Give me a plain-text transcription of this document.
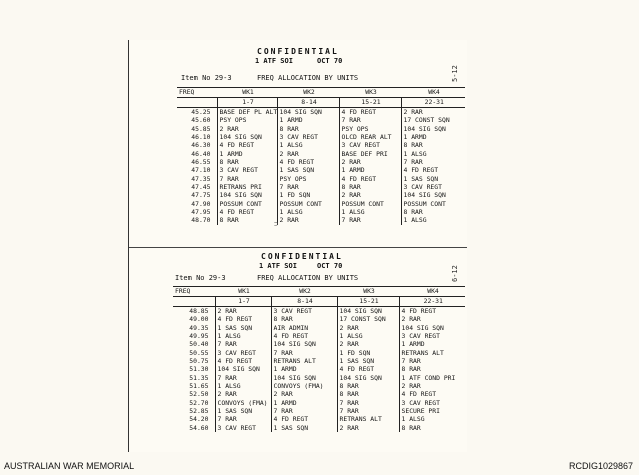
CONFIDENTIAL
1 ATF SOI	OCT 70
Item No 29-3	FREQ ALLOCATION BY UNITS	5-12
FREQ	WK1	WK2	WK3	WK4
	1-7	8-14	15-21	22-31
45.25	BASE DEF PL ALT	104 SIG SQN	4 FD REGT	2 RAR
45.60	PSY OPS	1 ARMD	7 RAR	17 CONST SQN
45.85	2 RAR	8 RAR	PSY OPS	104 SIG SQN
46.10	104 SIG SQN	3 CAV REGT	OLCD REAR ALT	1 ARMD
46.30	4 FD REGT	1 ALSG	3 CAV REGT	8 RAR
46.40	1 ARMD	2 RAR	BASE DEF PRI	1 ALSG
46.55	8 RAR	4 FD REGT	2 RAR	7 RAR
47.10	3 CAV REGT	1 SAS SQN	1 ARMD	4 FD REGT
47.35	7 RAR	PSY OPS	4 FD REGT	1 SAS SQN
47.45	RETRANS PRI	7 RAR	8 RAR	3 CAV REGT
47.75	104 SIG SQN	1 FD SQN	2 RAR	104 SIG SQN
47.90	POSSUM CONT	POSSUM CONT	POSSUM CONT	POSSUM CONT
47.95	4 FD REGT	1 ALSG	1 ALSG	8 RAR
48.70	8 RAR	2 RAR	7 RAR	1 ALSG
⊃
CONFIDENTIAL
1 ATF SOI	OCT 70
Item No 29-3	FREQ ALLOCATION BY UNITS	6-12
FREQ	WK1	WK2	WK3	WK4
	1-7	8-14	15-21	22-31
48.85	2 RAR	3 CAV REGT	104 SIG SQN	4 FD REGT
49.00	4 FD REGT	8 RAR	17 CONST SQN	2 RAR
49.35	1 SAS SQN	AIR ADMIN	2 RAR	104 SIG SQN
49.95	1 ALSG	4 FD REGT	1 ALSG	3 CAV REGT
50.40	7 RAR	104 SIG SQN	2 RAR	1 ARMD
50.55	3 CAV REGT	7 RAR	1 FD SQN	RETRANS ALT
50.75	4 FD REGT	RETRANS ALT	1 SAS SQN	7 RAR
51.30	104 SIG SQN	1 ARMD	4 FD REGT	8 RAR
51.35	7 RAR	104 SIG SQN	104 SIG SQN	1 ATF COND PRI
51.65	1 ALSG	CONVOYS (FMA)	8 RAR	2 RAR
52.50	2 RAR	2 RAR	8 RAR	4 FD REGT
52.70	CONVOYS (FMA)	1 ARMD	7 RAR	3 CAV REGT
52.85	1 SAS SQN	7 RAR	7 RAR	SECURE PRI
54.20	7 RAR	4 FD REGT	RETRANS ALT	1 ALSG
54.60	3 CAV REGT	1 SAS SQN	2 RAR	8 RAR
AUSTRALIAN WAR MEMORIAL	RCDIG1029867
